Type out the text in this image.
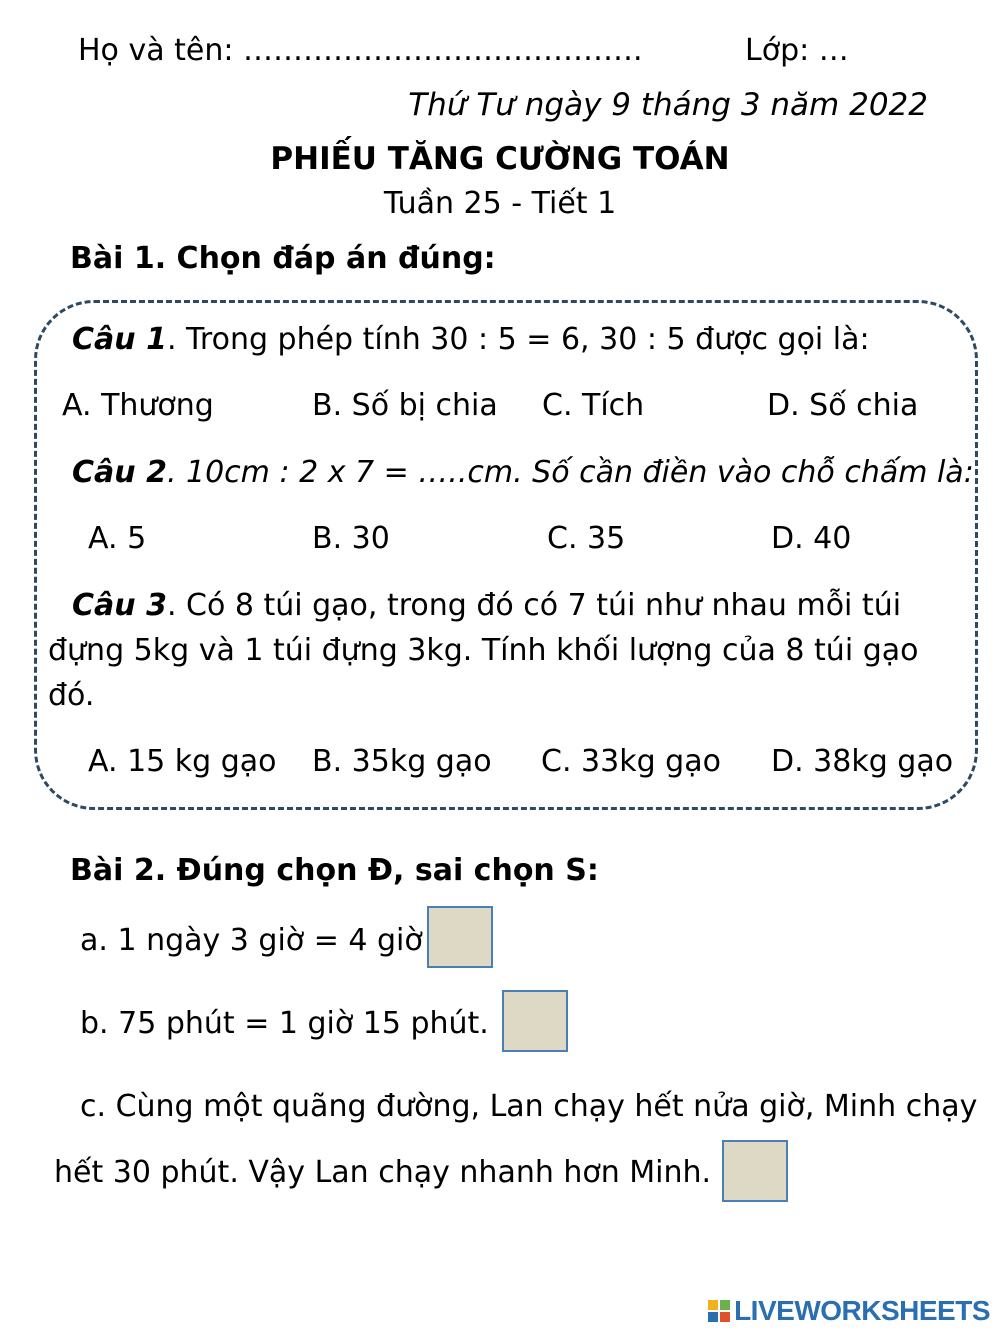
Họ và tên: ………………………………….	Lớp: …
Thứ Tư ngày 9 tháng 3 năm 2022
PHIẾU TĂNG CƯỜNG TOÁN
Tuần 25 - Tiết 1
Bài 1. Chọn đáp án đúng:
Câu 1. Trong phép tính 30 : 5 = 6, 30 : 5 được gọi là:
A. Thương	B. Số bị chia C. Tích	D. Số chia
Câu 2. 10cm : 2 x 7 = …..cm. Số cần điền vào chỗ chấm là:
A. 5	B. 30	C. 35	D. 40
Câu 3. Có 8 túi gạo, trong đó có 7 túi như nhau mỗi túi
đựng 5kg và 1 túi đựng 3kg. Tính khối lượng của 8 túi gạo
đó.
A. 15 kg gạo B. 35kg gạo C. 33kg gạo D. 38kg gạo
Bài 2. Đúng chọn Đ, sai chọn S:
a. 1 ngày 3 giờ = 4 giờ
b. 75 phút = 1 giờ 15 phút.
c. Cùng một quãng đường, Lan chạy hết nửa giờ, Minh chạy
hết 30 phút. Vậy Lan chạy nhanh hơn Minh.
LIVEWORKSHEETS
